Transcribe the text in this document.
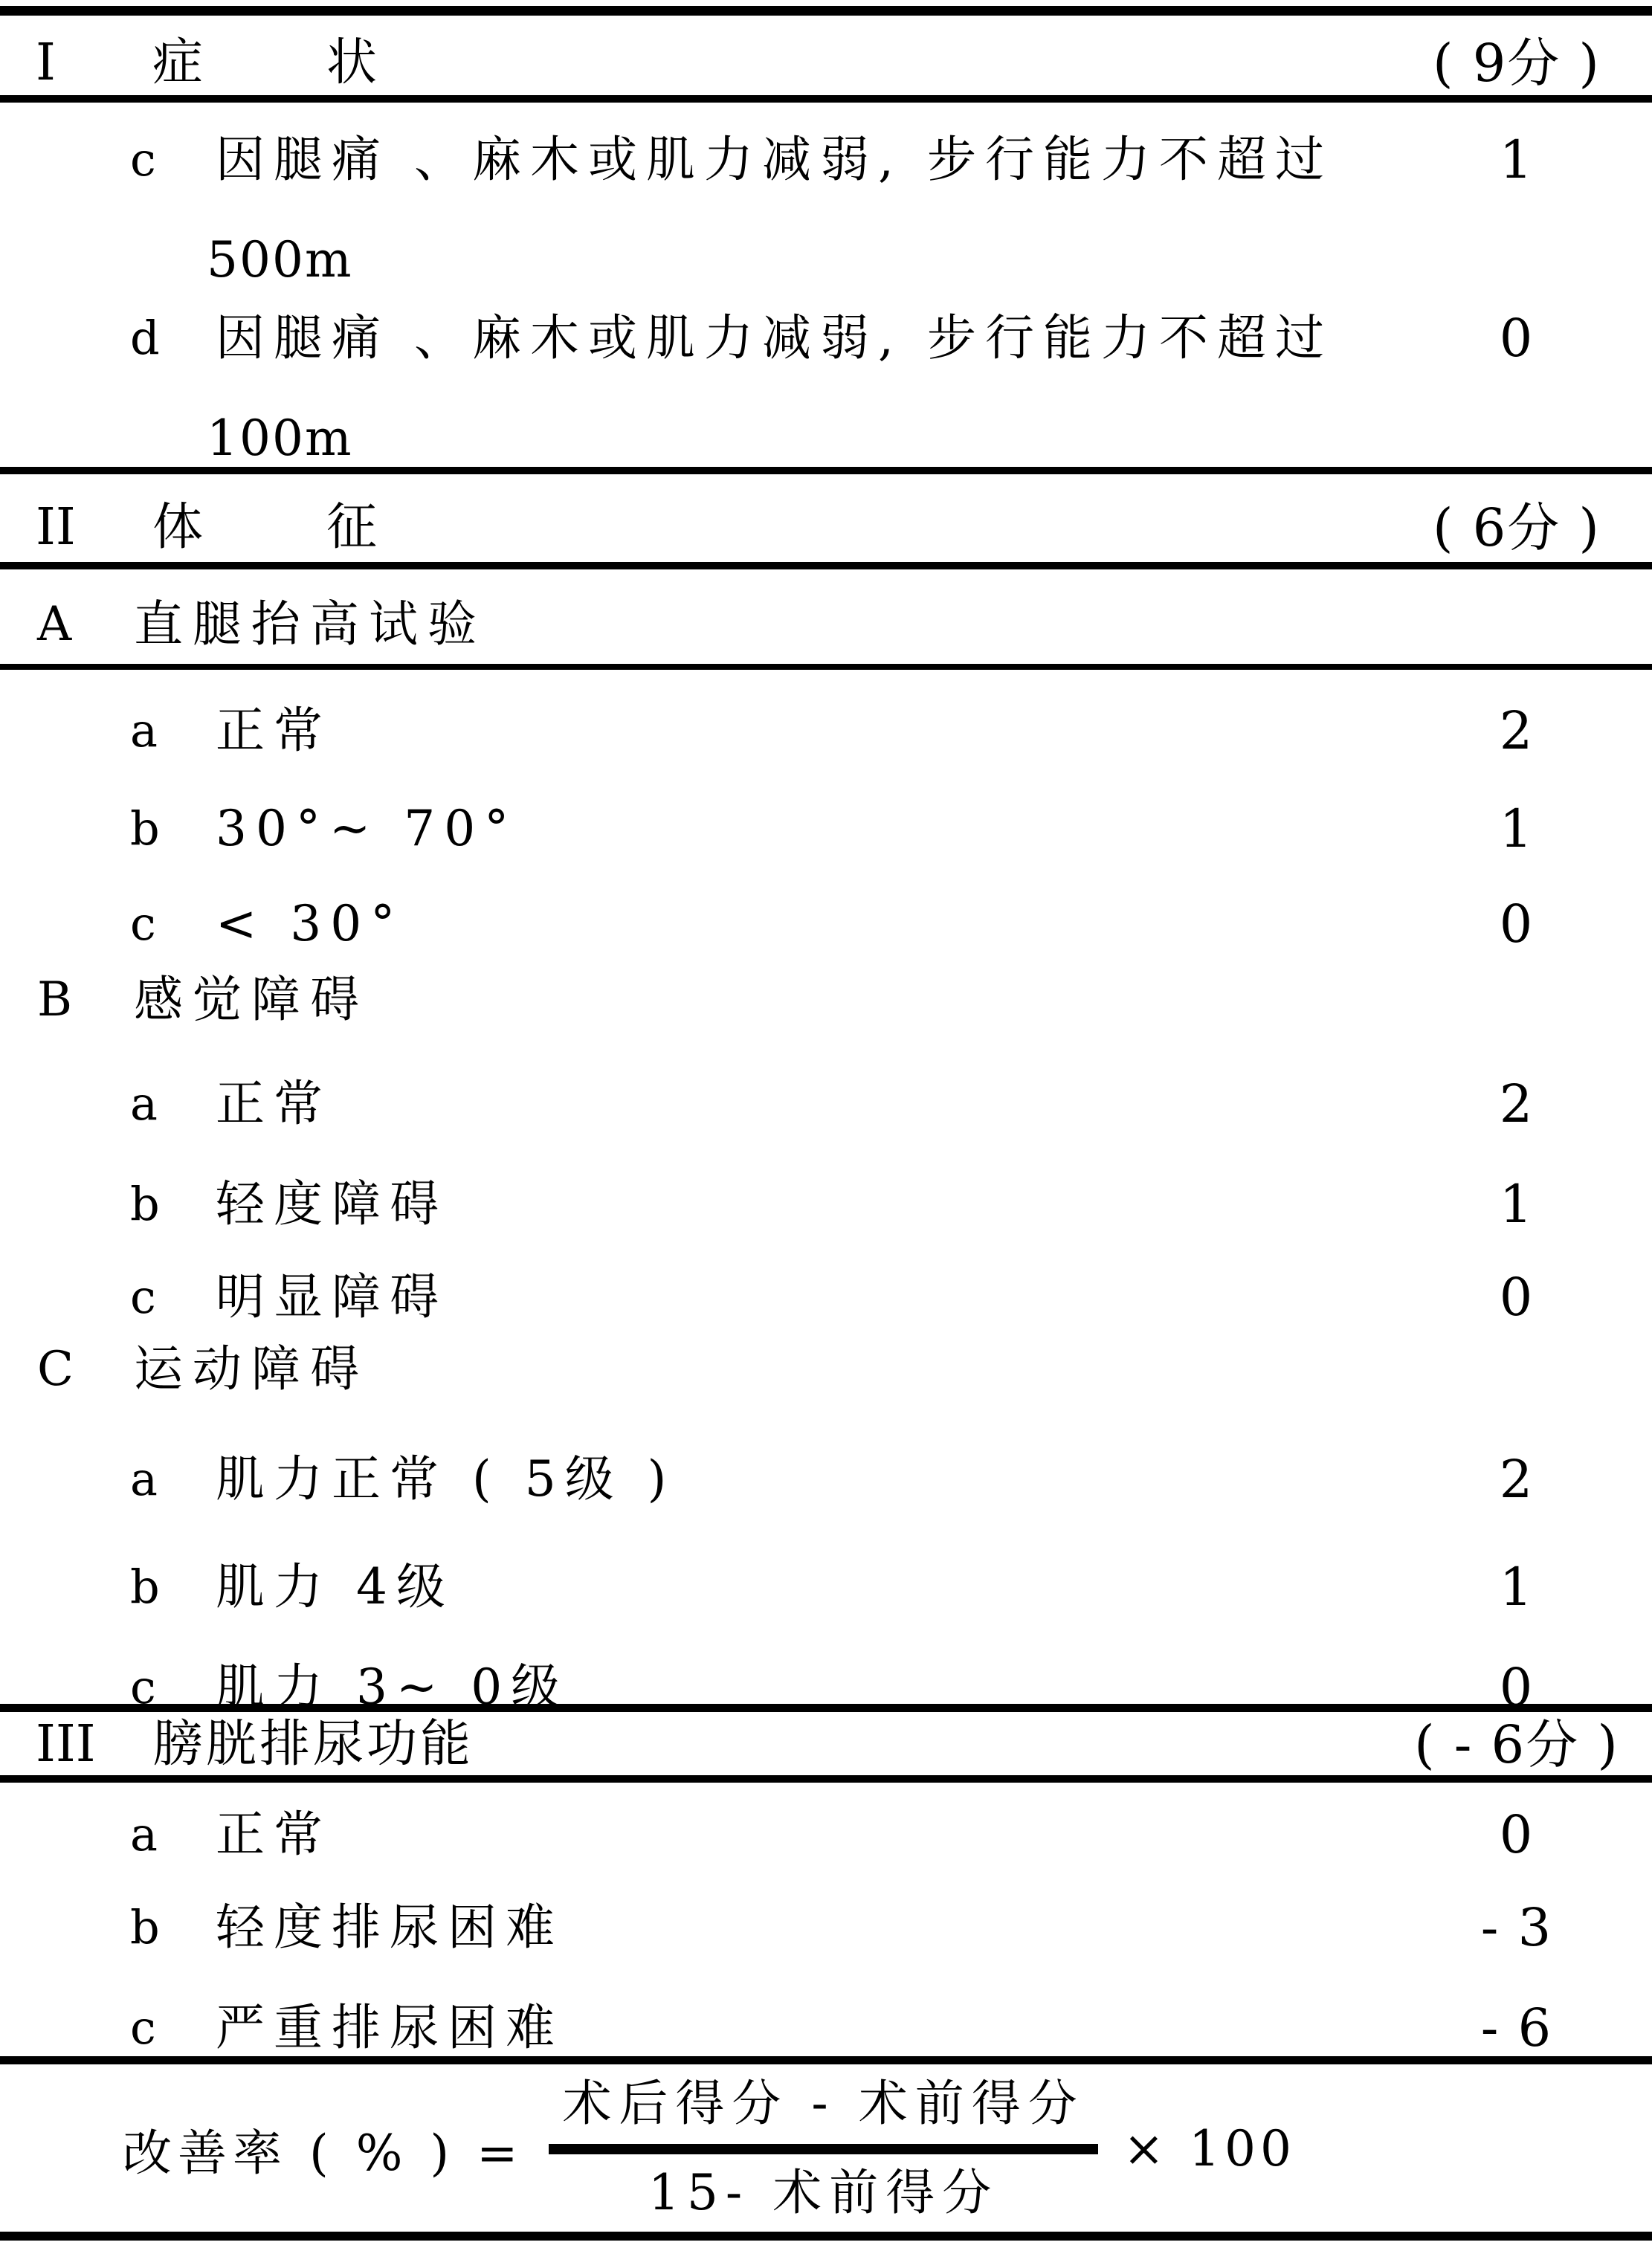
I 症　　状	( 9分 )
c 因腿痛 、麻木或肌力减弱, 步行能力不超过	1
500m
d 因腿痛 、麻木或肌力减弱, 步行能力不超过	0
100m
II 体　　征	( 6分 )
A 直腿抬高试验
a 正常	2
b 30°~ 70°	1
c < 30°	0
B 感觉障碍
a 正常	2
b 轻度障碍	1
c 明显障碍	0
C 运动障碍
a 肌力正常 ( 5级 )	2
b 肌力 4级	1
c 肌力 3~ 0级	0
III 膀胱排尿功能	( - 6分 )
a 正常	0
b 轻度排尿困难	- 3
c 严重排尿困难	- 6
改善率 ( % ) = $\frac{\text{术后得分 - 术前得分}}{\text{15- 术前得分}} \times 100$
